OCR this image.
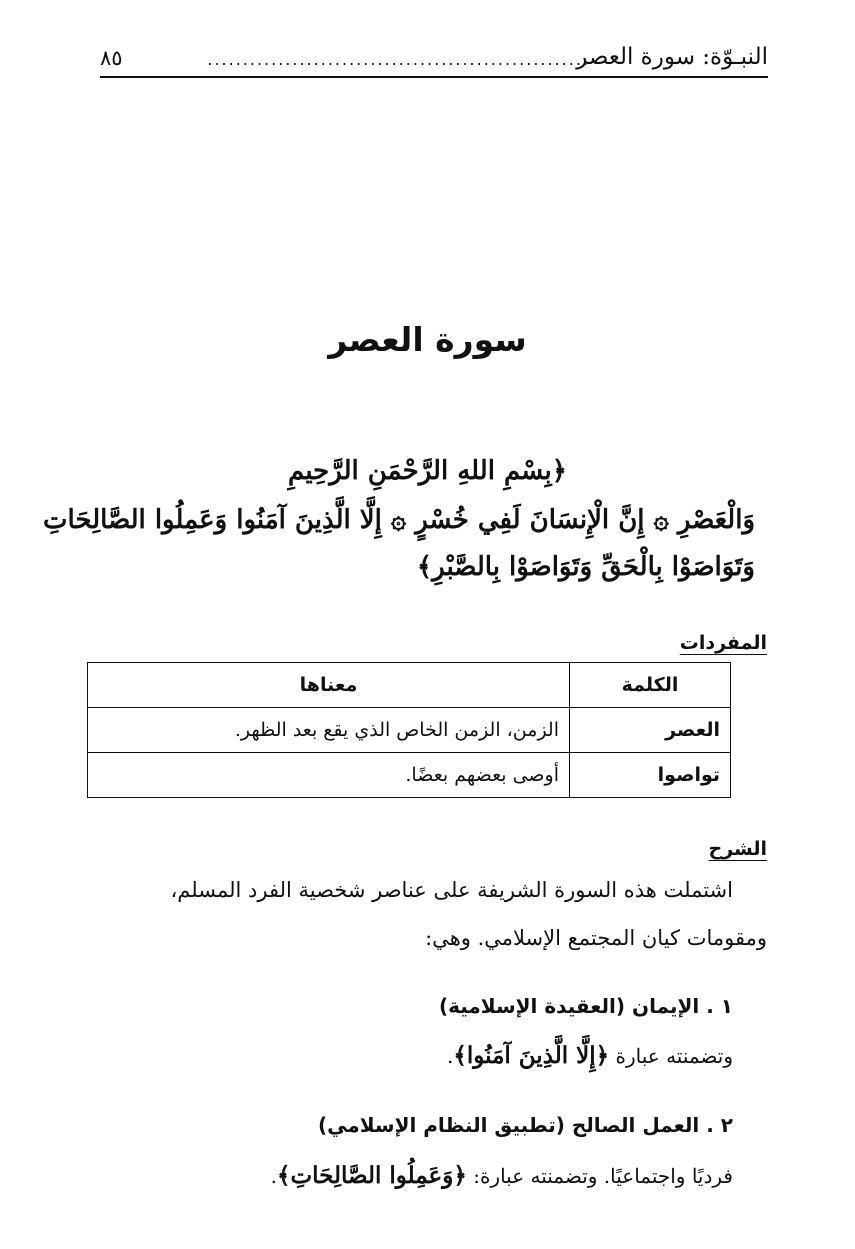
النبـوّة: سورة العصر
......................................................
٨٥
سورة العصر
﴿بِسْمِ اللهِ الرَّحْمَنِ الرَّحِيمِ
وَالْعَصْرِ ۞ إِنَّ الْإِنسَانَ لَفِي خُسْرٍ ۞ إِلَّا الَّذِينَ آمَنُوا وَعَمِلُوا الصَّالِحَاتِ
وَتَوَاصَوْا بِالْحَقِّ وَتَوَاصَوْا بِالصَّبْرِ﴾
المفردات
الكلمة	معناها
العصر	الزمن، الزمن الخاص الذي يقع بعد الظهر.
تواصوا	أوصى بعضهم بعضًا.
الشرح
اشتملت هذه السورة الشريفة على عناصر شخصية الفرد المسلم،
ومقومات كيان المجتمع الإسلامي. وهي:
١ . الإيمان (العقيدة الإسلامية)
وتضمنته عبارة ﴿إِلَّا الَّذِينَ آمَنُوا﴾.
٢ . العمل الصالح (تطبيق النظام الإسلامي)
فرديًا واجتماعيًا. وتضمنته عبارة: ﴿وَعَمِلُوا الصَّالِحَاتِ﴾.
